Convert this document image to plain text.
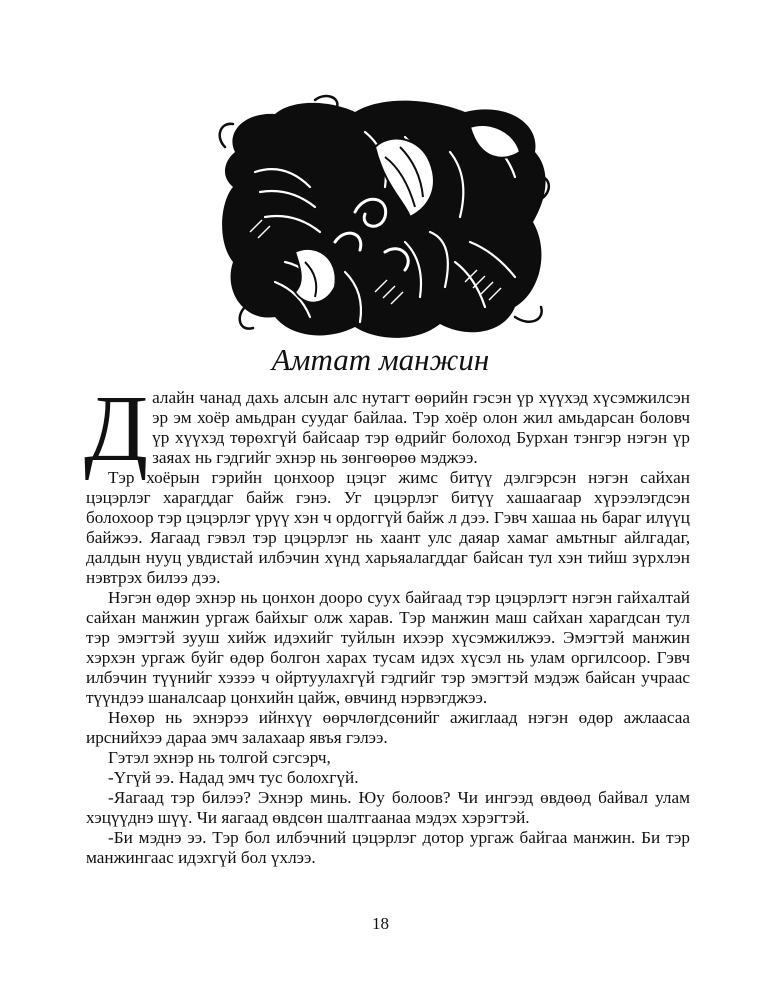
Амтат манжин

Далайн чанад дахь алсын алс нутагт өөрийн гэсэн үр хүүхэд хүсэмжилсэн эр эм хоёр амьдран суудаг байлаа. Тэр хоёр олон жил амьдарсан боловч үр хүүхэд төрөхгүй байсаар тэр өдрийг болоход Бурхан тэнгэр нэгэн үр заяах нь гэдгийг эхнэр нь зөнгөөрөө мэджээ.

Тэр хоёрын гэрийн цонхоор цэцэг жимс битүү дэлгэрсэн нэгэн сайхан цэцэрлэг харагддаг байж гэнэ. Уг цэцэрлэг битүү хашаагаар хүрээлэгдсэн болохоор тэр цэцэрлэг үрүү хэн ч ордоггүй байж л дээ. Гэвч хашаа нь бараг илүүц байжээ. Яагаад гэвэл тэр цэцэрлэг нь хаант улс даяар хамаг амьтныг айлгадаг, далдын нууц увдистай илбэчин хүнд харьяалагддаг байсан тул хэн тийш зүрхлэн нэвтрэх билээ дээ.

Нэгэн өдөр эхнэр нь цонхон дооро суух байгаад тэр цэцэрлэгт нэгэн гайхалтай сайхан манжин ургаж байхыг олж харав. Тэр манжин маш сайхан харагдсан тул тэр эмэгтэй зууш хийж идэхийг туйлын ихээр хүсэмжилжээ. Эмэгтэй манжин хэрхэн ургаж буйг өдөр болгон харах тусам идэх хүсэл нь улам оргилсоор. Гэвч илбэчин түүнийг хэзээ ч ойртуулахгүй гэдгийг тэр эмэгтэй мэдэж байсан учраас түүндээ шаналсаар цонхийн цайж, өвчинд нэрвэгджээ.

Нөхөр нь эхнэрээ ийнхүү өөрчлөгдсөнийг ажиглаад нэгэн өдөр ажлаасаа ирснийхээ дараа эмч залахаар явъя гэлээ.

Гэтэл эхнэр нь толгой сэгсэрч,

-Үгүй ээ. Надад эмч тус болохгүй.

-Яагаад тэр билээ? Эхнэр минь. Юу болоов? Чи ингээд өвдөөд байвал улам хэцүүднэ шүү. Чи яагаад өвдсөн шалтгаанаа мэдэх хэрэгтэй.

-Би мэднэ ээ. Тэр бол илбэчний цэцэрлэг дотор ургаж байгаа манжин. Би тэр манжингаас идэхгүй бол үхлээ.

18
